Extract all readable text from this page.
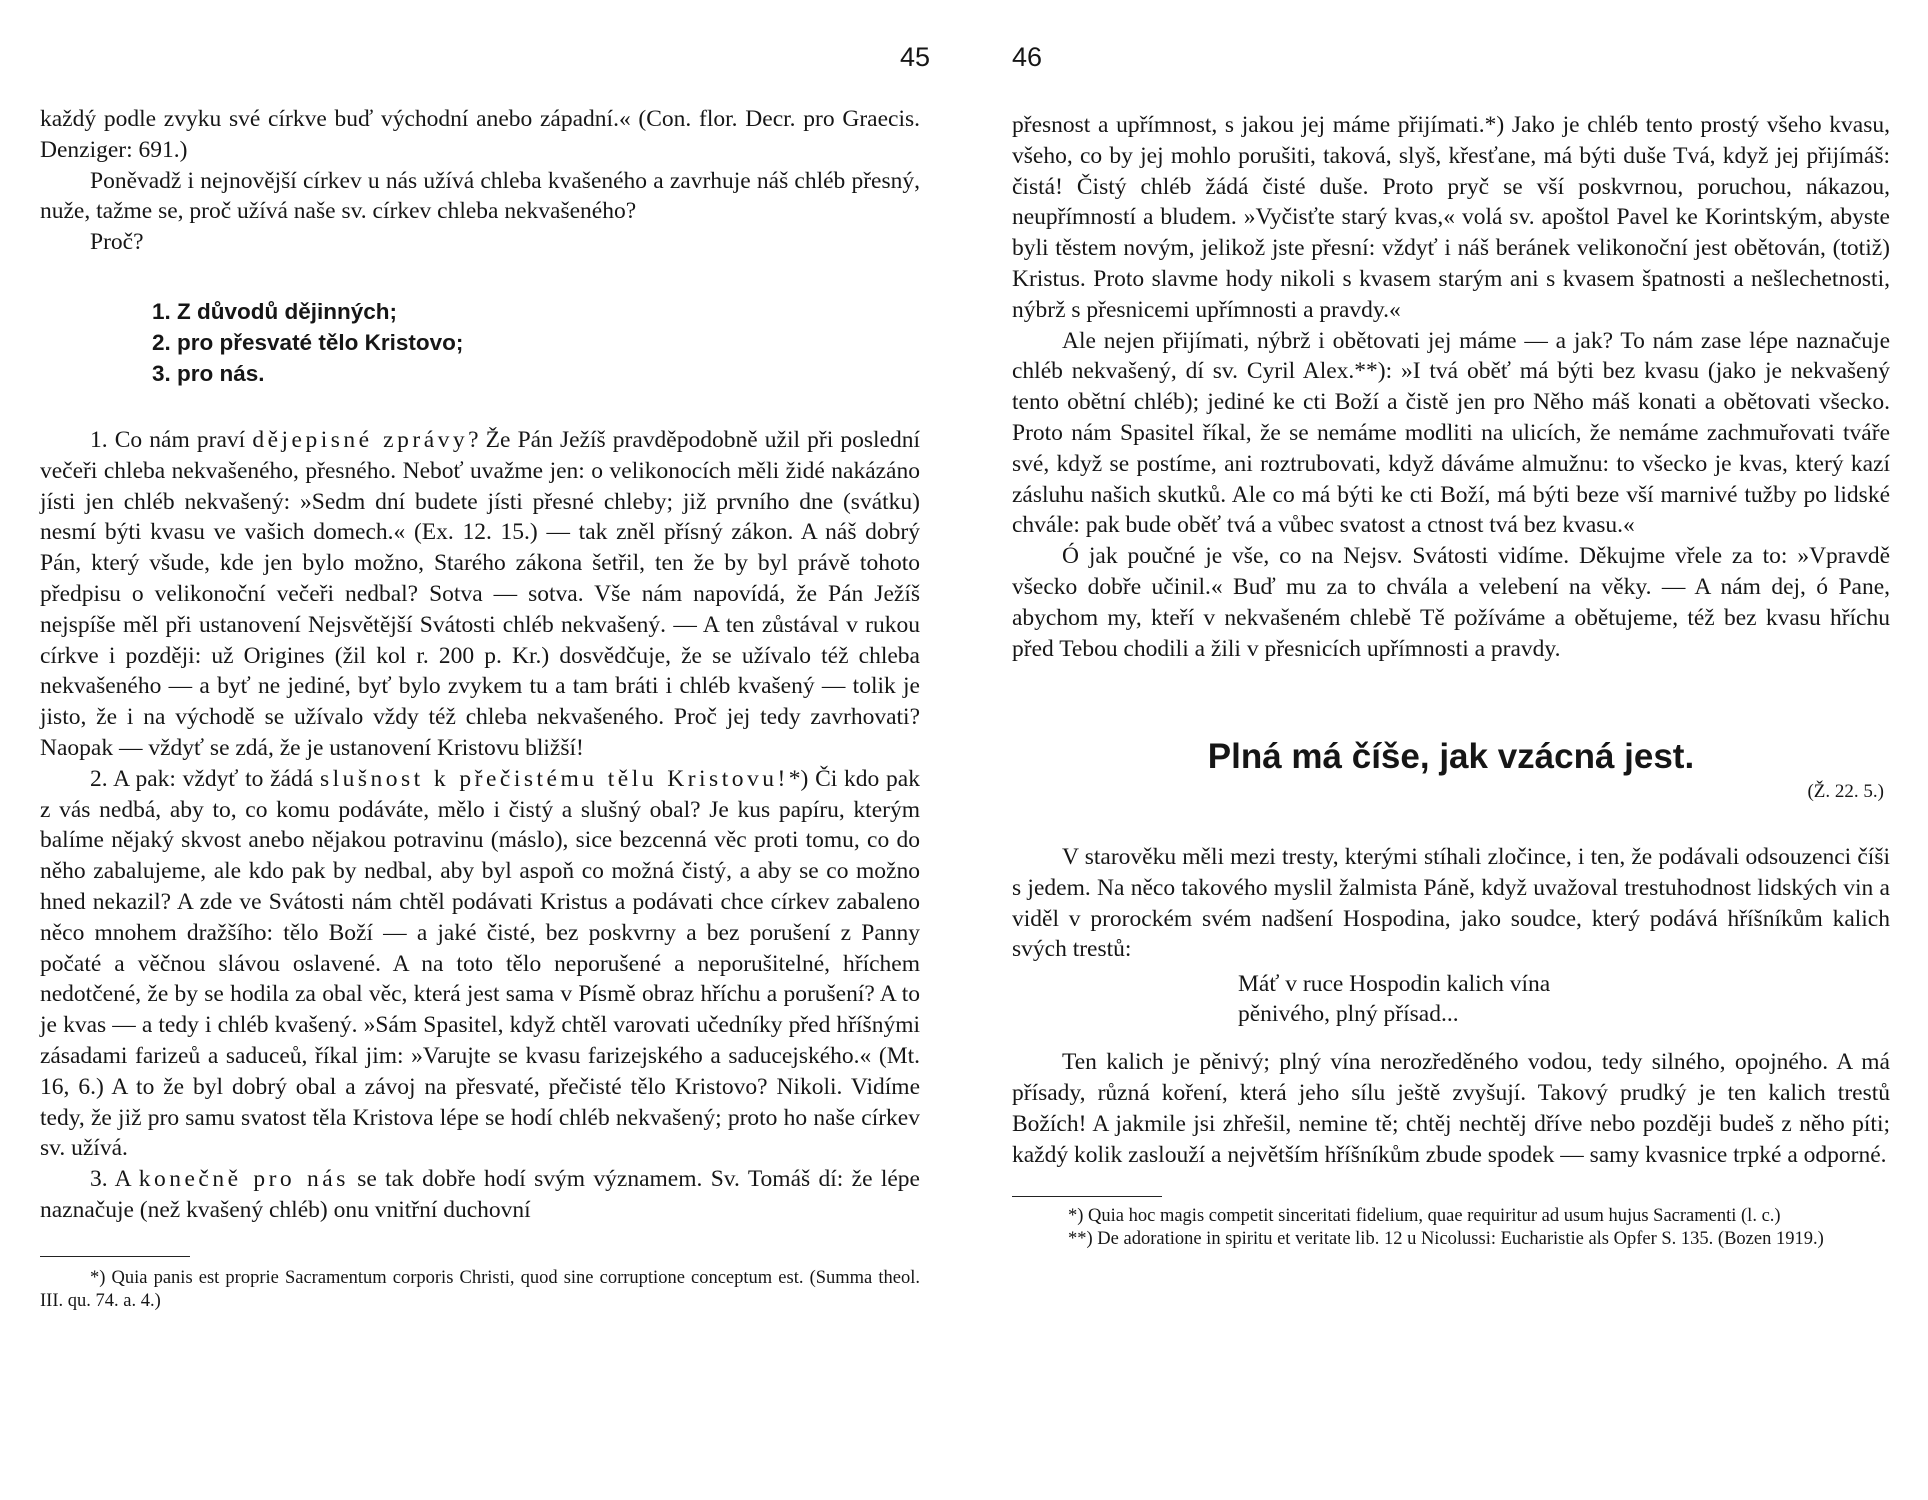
45

každý podle zvyku své církve buď východní anebo západní.« (Con. flor. Decr. pro Graecis. Denziger: 691.)

Poněvadž i nejnovější církev u nás užívá chleba kvašeného a zavrhuje náš chléb přesný, nuže, tažme se, proč užívá naše sv. církev chleba nekvašeného?

Proč?

1. Z důvodů dějinných;
2. pro přesvaté tělo Kristovo;
3. pro nás.

1. Co nám praví dějepisné zprávy? Že Pán Ježíš pravděpodobně užil při poslední večeři chleba nekvašeného, přesného. Neboť uvažme jen: o velikonocích měli židé nakázáno jísti jen chléb nekvašený: »Sedm dní budete jísti přesné chleby; již prvního dne (svátku) nesmí býti kvasu ve vašich domech.« (Ex. 12. 15.) — tak zněl přísný zákon. A náš dobrý Pán, který všude, kde jen bylo možno, Starého zákona šetřil, ten že by byl právě tohoto předpisu o velikonoční večeři nedbal? Sotva — sotva. Vše nám napovídá, že Pán Ježíš nejspíše měl při ustanovení Nejsvětější Svátosti chléb nekvašený. — A ten zůstával v rukou církve i později: už Origines (žil kol r. 200 p. Kr.) dosvědčuje, že se užívalo též chleba nekvašeného — a byť ne jediné, byť bylo zvykem tu a tam bráti i chléb kvašený — tolik je jisto, že i na východě se užívalo vždy též chleba nekvašeného. Proč jej tedy zavrhovati? Naopak — vždyť se zdá, že je ustanovení Kristovu bližší!

2. A pak: vždyť to žádá slušnost k přečistému tělu Kristovu!*) Či kdo pak z vás nedbá, aby to, co komu podáváte, mělo i čistý a slušný obal? Je kus papíru, kterým balíme nějaký skvost anebo nějakou potravinu (máslo), sice bezcenná věc proti tomu, co do něho zabalujeme, ale kdo pak by nedbal, aby byl aspoň co možná čistý, a aby se co možno hned nekazil? A zde ve Svátosti nám chtěl podávati Kristus a podávati chce církev zabaleno něco mnohem dražšího: tělo Boží — a jaké čisté, bez poskvrny a bez porušení z Panny počaté a věčnou slávou oslavené. A na toto tělo neporušené a neporušitelné, hříchem nedotčené, že by se hodila za obal věc, která jest sama v Písmě obraz hříchu a porušení? A to je kvas — a tedy i chléb kvašený. »Sám Spasitel, když chtěl varovati učedníky před hříšnými zásadami farizeů a saduceů, říkal jim: »Varujte se kvasu farizejského a saducejského.« (Mt. 16, 6.) A to že byl dobrý obal a závoj na přesvaté, přečisté tělo Kristovo? Nikoli. Vidíme tedy, že již pro samu svatost těla Kristova lépe se hodí chléb nekvašený; proto ho naše církev sv. užívá.

3. A konečně pro nás se tak dobře hodí svým významem. Sv. Tomáš dí: že lépe naznačuje (než kvašený chléb) onu vnitřní duchovní

*) Quia panis est proprie Sacramentum corporis Christi, quod sine corruptione conceptum est. (Summa theol. III. qu. 74. a. 4.)

46

přesnost a upřímnost, s jakou jej máme přijímati.*) Jako je chléb tento prostý všeho kvasu, všeho, co by jej mohlo porušiti, taková, slyš, křesťane, má býti duše Tvá, když jej přijímáš: čistá! Čistý chléb žádá čisté duše. Proto pryč se vší poskvrnou, poruchou, nákazou, neupřímností a bludem. »Vyčisťte starý kvas,« volá sv. apoštol Pavel ke Korintským, abyste byli těstem novým, jelikož jste přesní: vždyť i náš beránek velikonoční jest obětován, (totiž) Kristus. Proto slavme hody nikoli s kvasem starým ani s kvasem špatnosti a nešlechetnosti, nýbrž s přesnicemi upřímnosti a pravdy.«

Ale nejen přijímati, nýbrž i obětovati jej máme — a jak? To nám zase lépe naznačuje chléb nekvašený, dí sv. Cyril Alex.**): »I tvá oběť má býti bez kvasu (jako je nekvašený tento obětní chléb); jediné ke cti Boží a čistě jen pro Něho máš konati a obětovati všecko. Proto nám Spasitel říkal, že se nemáme modliti na ulicích, že nemáme zachmuřovati tváře své, když se postíme, ani roztrubovati, když dáváme almužnu: to všecko je kvas, který kazí zásluhu našich skutků. Ale co má býti ke cti Boží, má býti beze vší marnivé tužby po lidské chvále: pak bude oběť tvá a vůbec svatost a ctnost tvá bez kvasu.«

Ó jak poučné je vše, co na Nejsv. Svátosti vidíme. Děkujme vřele za to: »Vpravdě všecko dobře učinil.« Buď mu za to chvála a velebení na věky. — A nám dej, ó Pane, abychom my, kteří v nekvašeném chlebě Tě požíváme a obětujeme, též bez kvasu hříchu před Tebou chodili a žili v přesnicích upřímnosti a pravdy.

Plná má číše, jak vzácná jest.
(Ž. 22. 5.)

V starověku měli mezi tresty, kterými stíhali zločince, i ten, že podávali odsouzenci číši s jedem. Na něco takového myslil žalmista Páně, když uvažoval trestuhodnost lidských vin a viděl v prorockém svém nadšení Hospodina, jako soudce, který podává hříšníkům kalich svých trestů:

Máť v ruce Hospodin kalich vína
pěnivého, plný přísad...

Ten kalich je pěnivý; plný vína nerozředěného vodou, tedy silného, opojného. A má přísady, různá koření, která jeho sílu ještě zvyšují. Takový prudký je ten kalich trestů Božích! A jakmile jsi zhřešil, nemine tě; chtěj nechtěj dříve nebo později budeš z něho píti; každý kolik zaslouží a největším hříšníkům zbude spodek — samy kvasnice trpké a odporné.

*) Quia hoc magis competit sinceritati fidelium, quae requiritur ad usum hujus Sacramenti (l. c.)

**) De adoratione in spiritu et veritate lib. 12 u Nicolussi: Eucharistie als Opfer S. 135. (Bozen 1919.)
